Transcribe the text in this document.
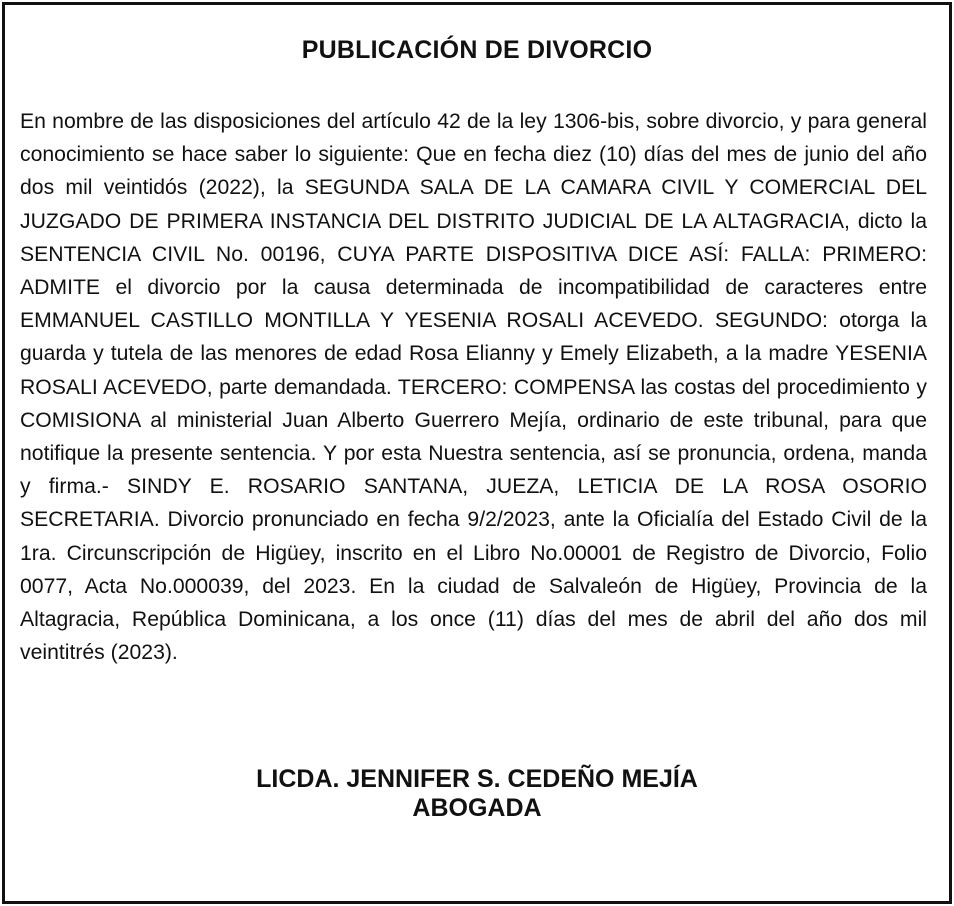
PUBLICACIÓN DE DIVORCIO

En nombre de las disposiciones del artículo 42 de la ley 1306-bis, sobre divorcio, y para general conocimiento se hace saber lo siguiente: Que en fecha diez (10) días del mes de junio del año dos mil veintidós (2022), la SEGUNDA SALA DE LA CAMARA CIVIL Y COMERCIAL DEL JUZGADO DE PRIMERA INSTANCIA DEL DISTRITO JUDICIAL DE LA ALTAGRACIA, dicto la SENTENCIA CIVIL No. 00196, CUYA PARTE DISPOSITIVA DICE ASÍ: FALLA: PRIMERO: ADMITE el divorcio por la causa determinada de incompatibilidad de caracteres entre EMMANUEL CASTILLO MONTILLA Y YESENIA ROSALI ACEVEDO. SEGUNDO: otorga la guarda y tutela de las menores de edad Rosa Elianny y Emely Elizabeth, a la madre YESENIA ROSALI ACEVEDO, parte demandada. TERCERO: COMPENSA las costas del procedimiento y COMISIONA al ministerial Juan Alberto Guerrero Mejía, ordinario de este tribunal, para que notifique la presente sentencia. Y por esta Nuestra sentencia, así se pronuncia, ordena, manda y firma.- SINDY E. ROSARIO SANTANA, JUEZA, LETICIA DE LA ROSA OSORIO SECRETARIA. Divorcio pronunciado en fecha 9/2/2023, ante la Oficialía del Estado Civil de la 1ra. Circunscripción de Higüey, inscrito en el Libro No.00001 de Registro de Divorcio, Folio 0077, Acta No.000039, del 2023. En la ciudad de Salvaleón de Higüey, Provincia de la Altagracia, República Dominicana, a los once (11) días del mes de abril del año dos mil veintitrés (2023).

LICDA. JENNIFER S. CEDEÑO MEJÍA
ABOGADA
